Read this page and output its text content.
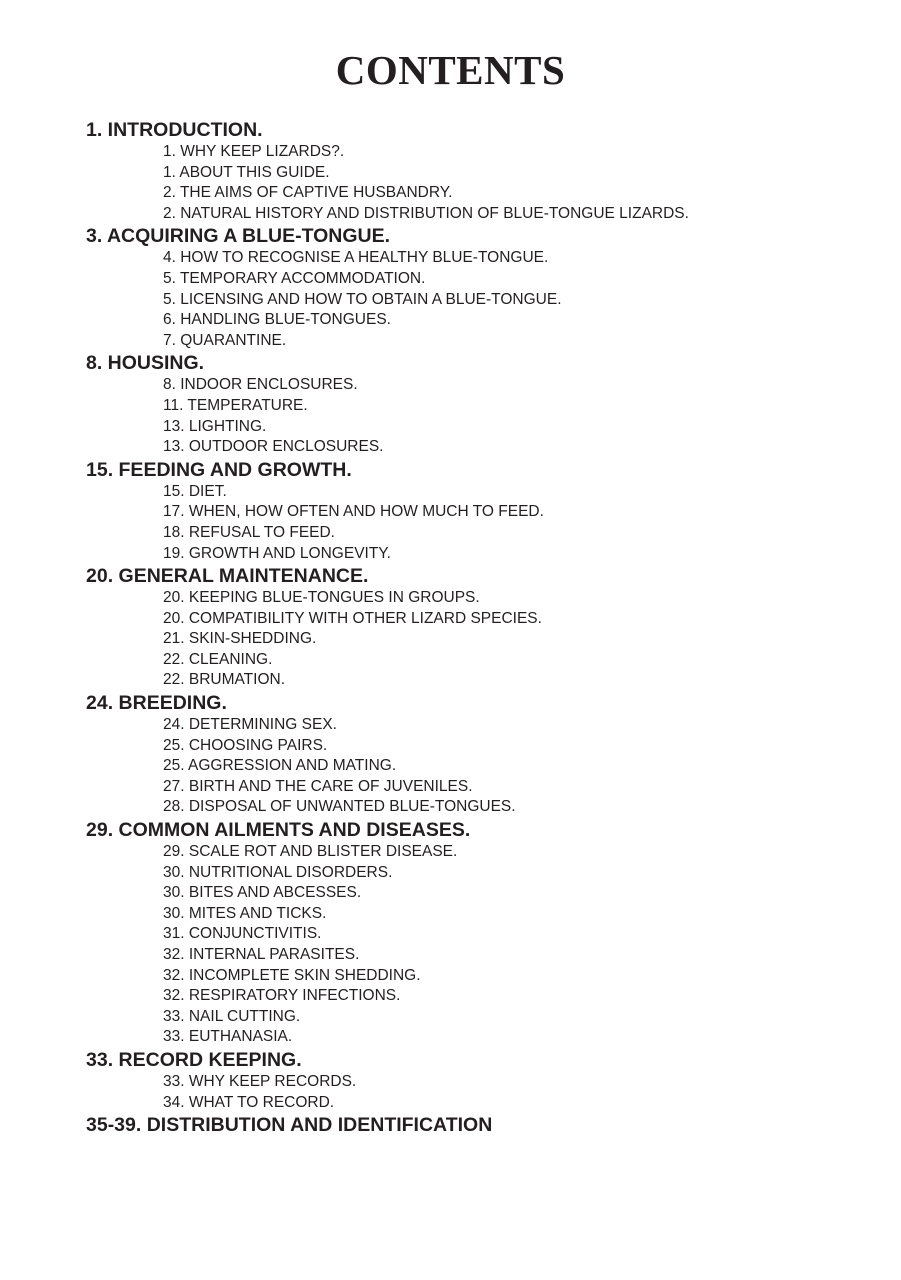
CONTENTS
1. INTRODUCTION.
1. WHY KEEP LIZARDS?.
1. ABOUT THIS GUIDE.
2. THE AIMS OF CAPTIVE HUSBANDRY.
2. NATURAL HISTORY AND DISTRIBUTION OF BLUE-TONGUE LIZARDS.
3. ACQUIRING A BLUE-TONGUE.
4. HOW TO RECOGNISE A HEALTHY BLUE-TONGUE.
5. TEMPORARY ACCOMMODATION.
5. LICENSING AND HOW TO OBTAIN A BLUE-TONGUE.
6. HANDLING BLUE-TONGUES.
7. QUARANTINE.
8. HOUSING.
8. INDOOR ENCLOSURES.
11. TEMPERATURE.
13. LIGHTING.
13. OUTDOOR ENCLOSURES.
15. FEEDING AND GROWTH.
15. DIET.
17. WHEN, HOW OFTEN AND HOW MUCH TO FEED.
18. REFUSAL TO FEED.
19. GROWTH AND LONGEVITY.
20. GENERAL MAINTENANCE.
20. KEEPING BLUE-TONGUES IN GROUPS.
20. COMPATIBILITY WITH OTHER LIZARD SPECIES.
21. SKIN-SHEDDING.
22. CLEANING.
22. BRUMATION.
24. BREEDING.
24. DETERMINING SEX.
25. CHOOSING PAIRS.
25. AGGRESSION AND MATING.
27. BIRTH AND THE CARE OF JUVENILES.
28. DISPOSAL OF UNWANTED BLUE-TONGUES.
29. COMMON AILMENTS AND DISEASES.
29. SCALE ROT AND BLISTER DISEASE.
30. NUTRITIONAL DISORDERS.
30. BITES AND ABCESSES.
30. MITES AND TICKS.
31. CONJUNCTIVITIS.
32. INTERNAL PARASITES.
32. INCOMPLETE SKIN SHEDDING.
32. RESPIRATORY INFECTIONS.
33. NAIL CUTTING.
33. EUTHANASIA.
33. RECORD KEEPING.
33. WHY KEEP RECORDS.
34. WHAT TO RECORD.
35-39. DISTRIBUTION AND IDENTIFICATION
